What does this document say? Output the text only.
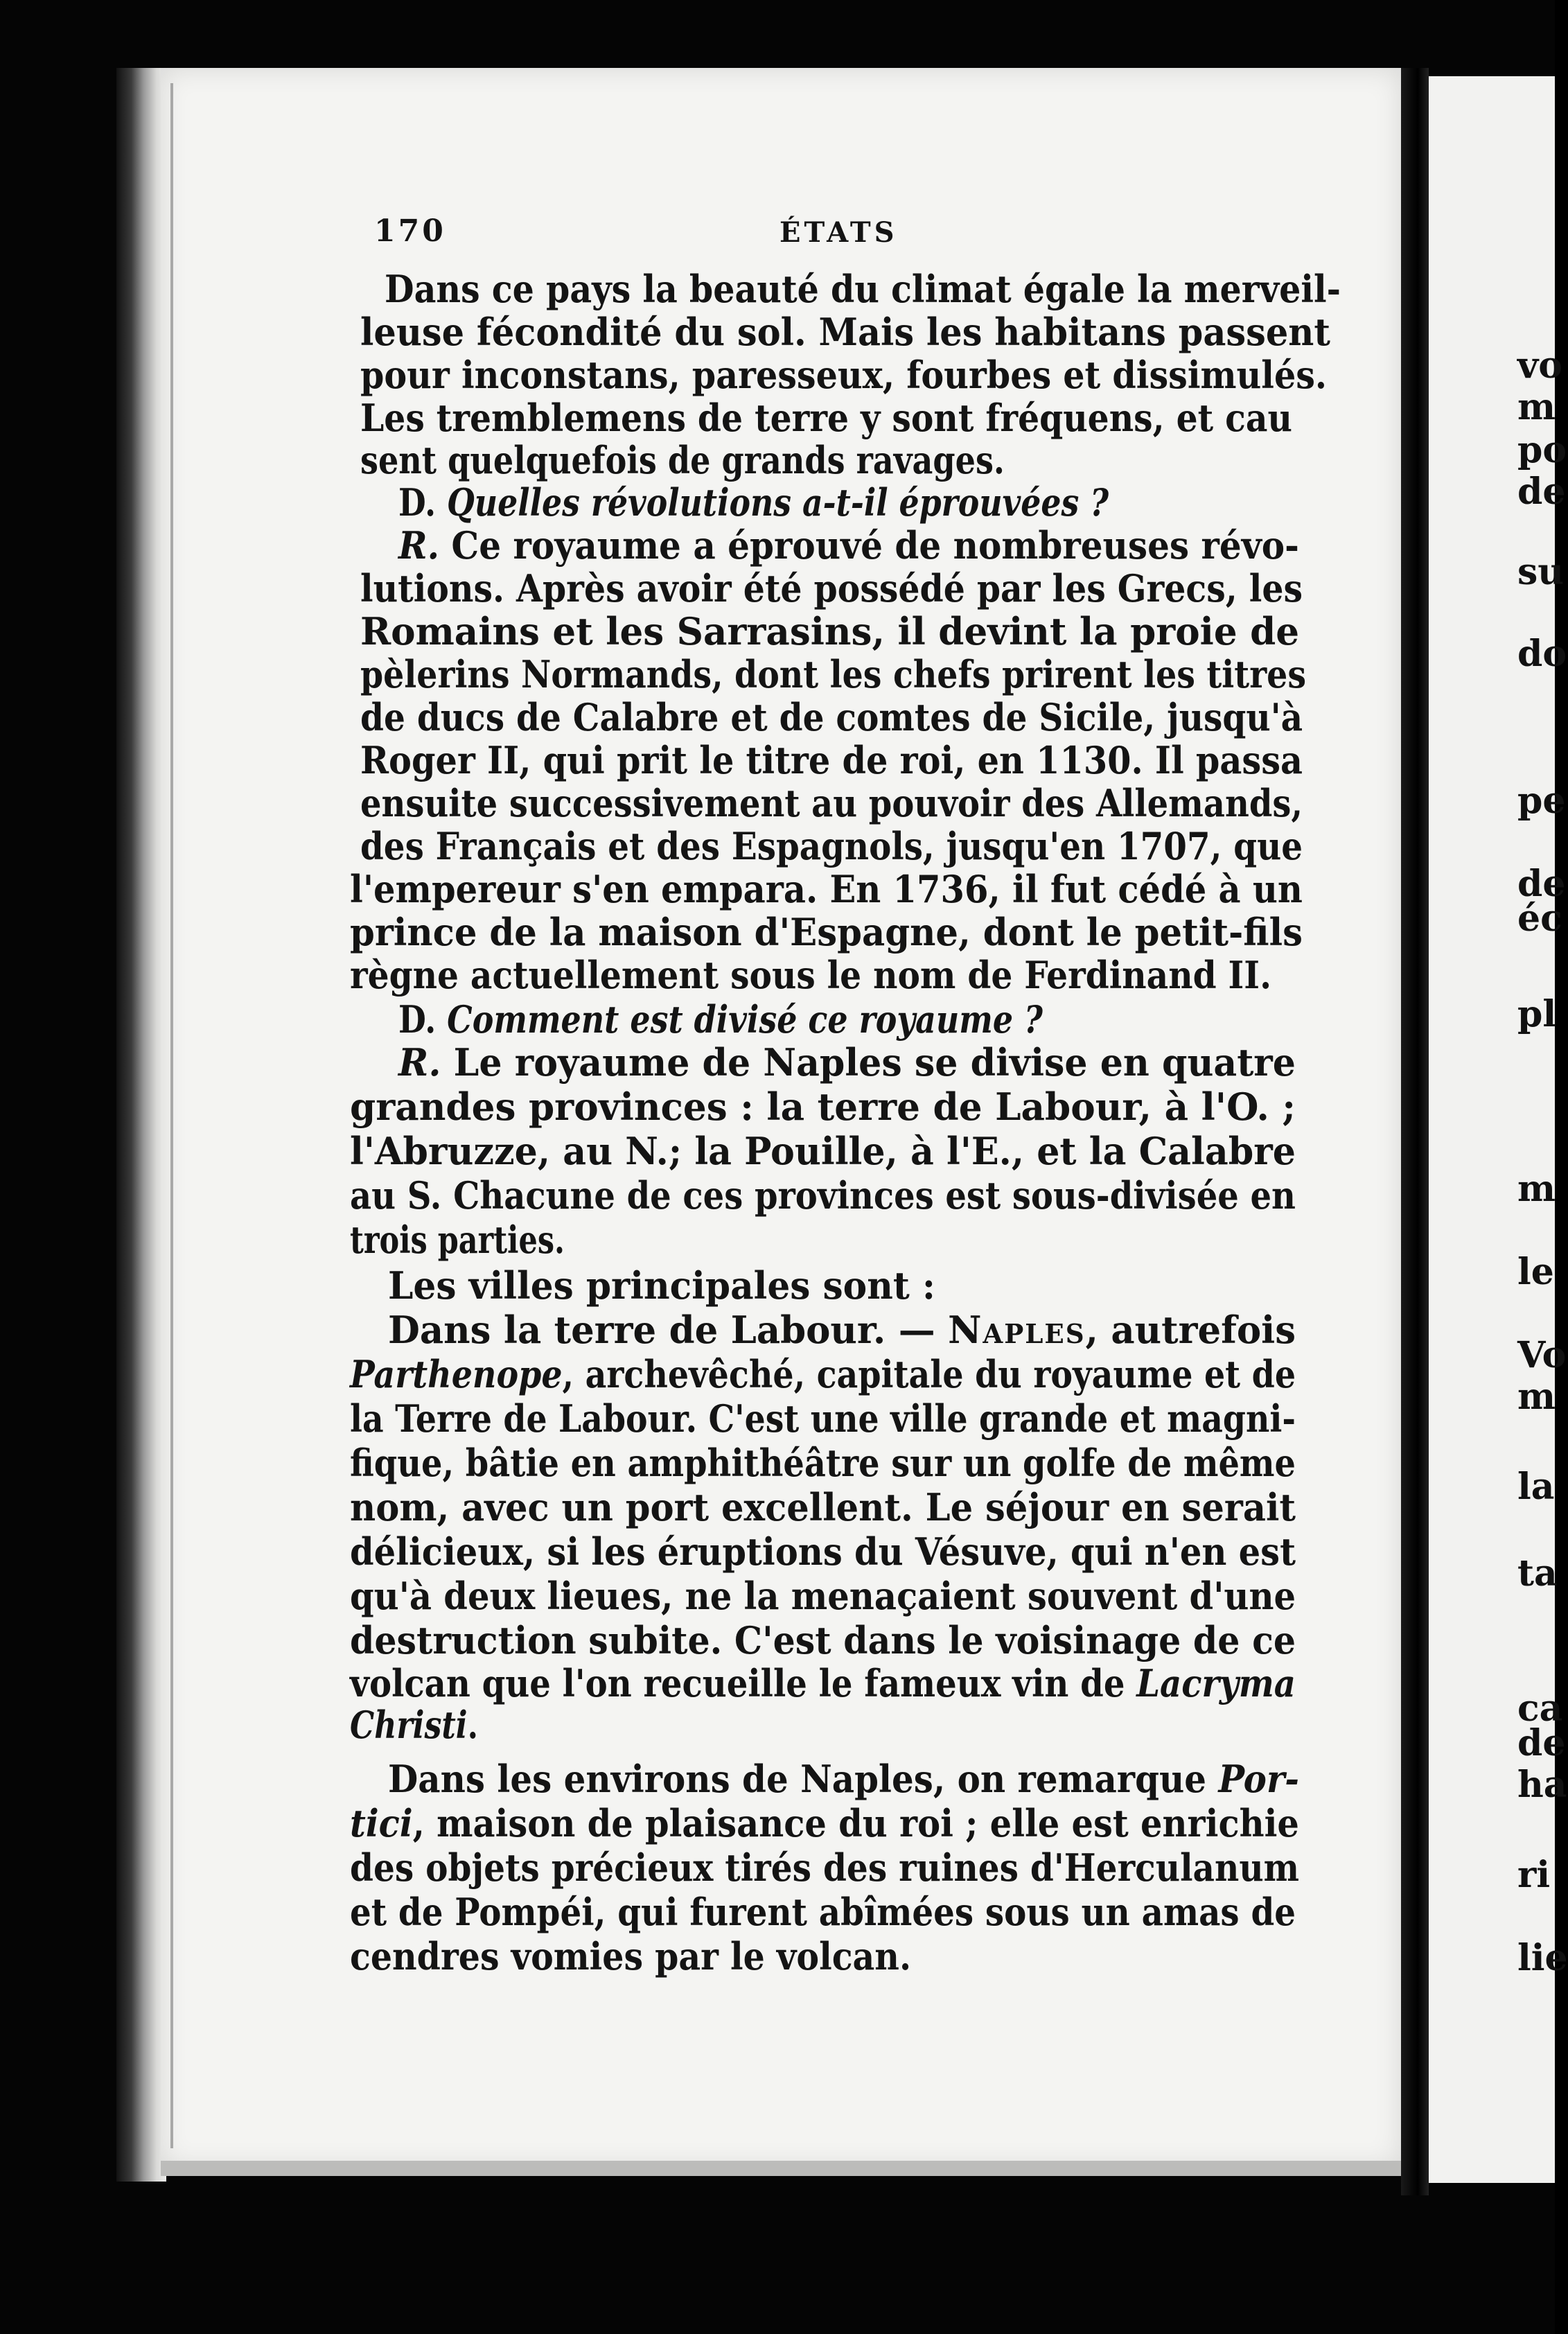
vo
m
po
de
su
do
pe
de
éc
pl
m
le
Vo
m
la
ta
ca
de
ha
ri
lie
170	ÉTATS
Dans ce pays la beauté du climat égale la merveil-
leuse fécondité du sol. Mais les habitans passent
pour inconstans, paresseux, fourbes et dissimulés.
Les tremblemens de terre y sont fréquens, et cau
sent quelquefois de grands ravages.
D. Quelles révolutions a-t-il éprouvées ?
R. Ce royaume a éprouvé de nombreuses révo-
lutions. Après avoir été possédé par les Grecs, les
Romains et les Sarrasins, il devint la proie de
pèlerins Normands, dont les chefs prirent les titres
de ducs de Calabre et de comtes de Sicile, jusqu'à
Roger II, qui prit le titre de roi, en 1130. Il passa
ensuite successivement au pouvoir des Allemands,
des Français et des Espagnols, jusqu'en 1707, que
l'empereur s'en empara. En 1736, il fut cédé à un
prince de la maison d'Espagne, dont le petit-fils
règne actuellement sous le nom de Ferdinand II.
D. Comment est divisé ce royaume ?
R. Le royaume de Naples se divise en quatre
grandes provinces : la terre de Labour, à l'O. ;
l'Abruzze, au N.; la Pouille, à l'E., et la Calabre
au S. Chacune de ces provinces est sous-divisée en
trois parties.
Les villes principales sont :
Dans la terre de Labour. — Naples, autrefois
Parthenope, archevêché, capitale du royaume et de
la Terre de Labour. C'est une ville grande et magni-
fique, bâtie en amphithéâtre sur un golfe de même
nom, avec un port excellent. Le séjour en serait
délicieux, si les éruptions du Vésuve, qui n'en est
qu'à deux lieues, ne la menaçaient souvent d'une
destruction subite. C'est dans le voisinage de ce
volcan que l'on recueille le fameux vin de Lacryma
Christi.
Dans les environs de Naples, on remarque Por-
tici, maison de plaisance du roi ; elle est enrichie
des objets précieux tirés des ruines d'Herculanum
et de Pompéi, qui furent abîmées sous un amas de
cendres vomies par le volcan.
